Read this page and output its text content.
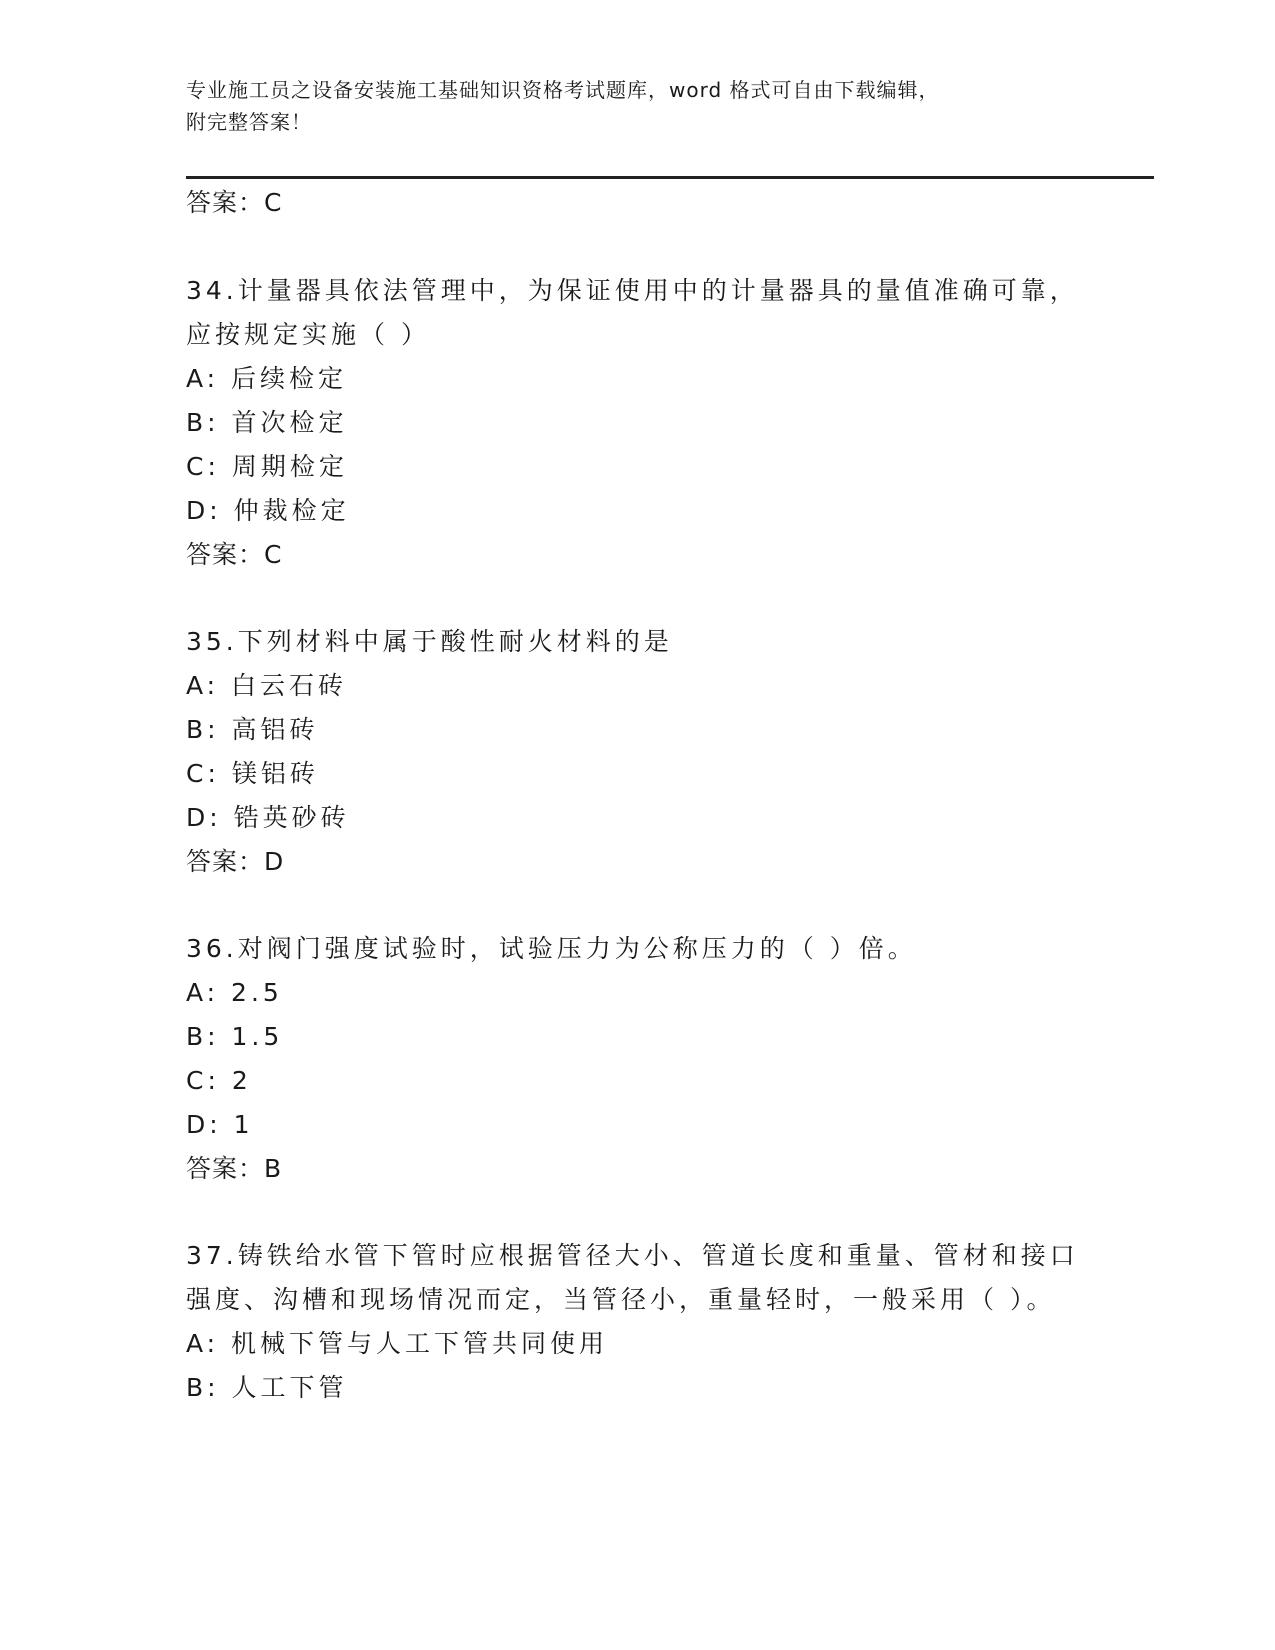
专业施工员之设备安装施工基础知识资格考试题库，word 格式可自由下载编辑，
附完整答案！
答案：C
34.计量器具依法管理中，为保证使用中的计量器具的量值准确可靠，
应按规定实施（ ）
A: 后续检定
B: 首次检定
C: 周期检定
D: 仲裁检定
答案：C
35.下列材料中属于酸性耐火材料的是
A: 白云石砖
B: 高铝砖
C: 镁铝砖
D: 锆英砂砖
答案：D
36.对阀门强度试验时，试验压力为公称压力的（ ）倍。
A: 2.5
B: 1.5
C: 2
D: 1
答案：B
37.铸铁给水管下管时应根据管径大小、管道长度和重量、管材和接口
强度、沟槽和现场情况而定，当管径小，重量轻时，一般采用（ ）。
A: 机械下管与人工下管共同使用
B: 人工下管
